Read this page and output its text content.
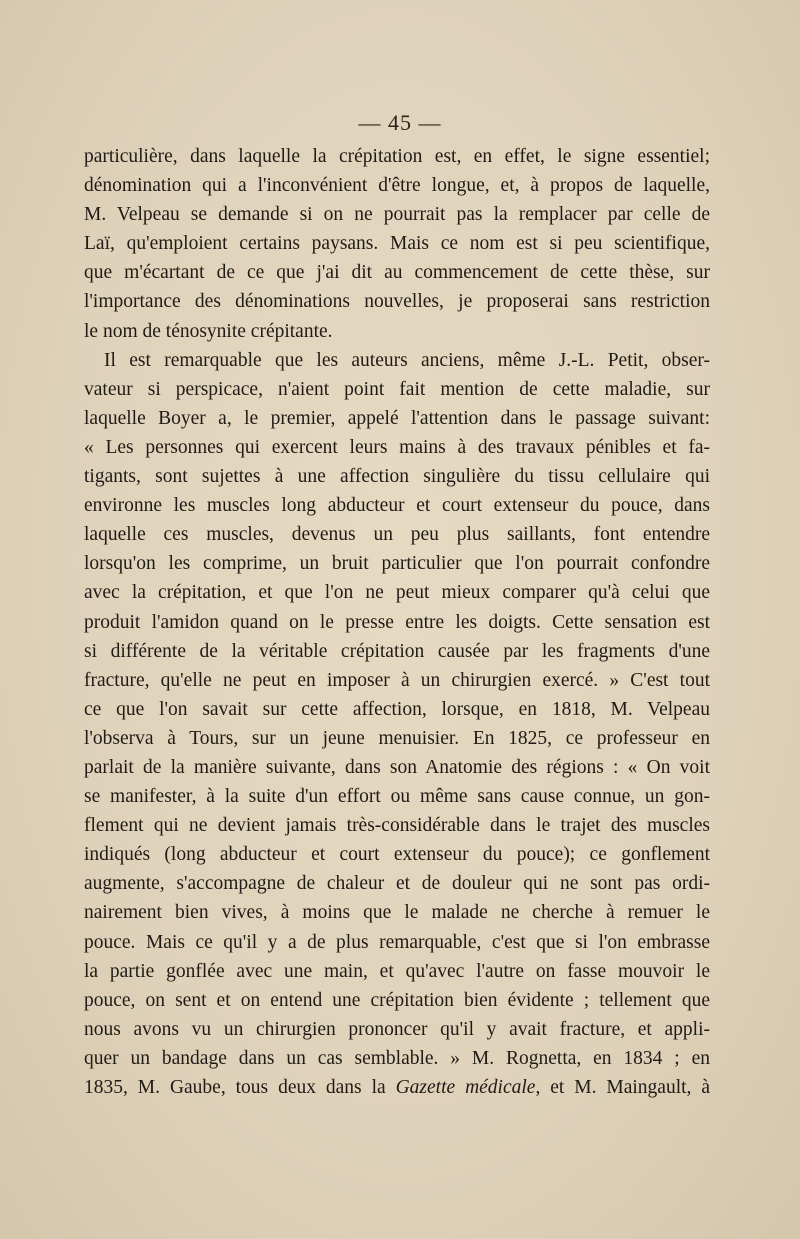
— 45 —
particulière, dans laquelle la crépitation est, en effet, le signe essentiel;
dénomination qui a l'inconvénient d'être longue, et, à propos de laquelle,
M. Velpeau se demande si on ne pourrait pas la remplacer par celle de
Laï, qu'emploient certains paysans. Mais ce nom est si peu scientifique,
que m'écartant de ce que j'ai dit au commencement de cette thèse, sur
l'importance des dénominations nouvelles, je proposerai sans restriction
le nom de ténosynite crépitante.
Il est remarquable que les auteurs anciens, même J.-L. Petit, obser-
vateur si perspicace, n'aient point fait mention de cette maladie, sur
laquelle Boyer a, le premier, appelé l'attention dans le passage suivant:
« Les personnes qui exercent leurs mains à des travaux pénibles et fa-
tigants, sont sujettes à une affection singulière du tissu cellulaire qui
environne les muscles long abducteur et court extenseur du pouce, dans
laquelle ces muscles, devenus un peu plus saillants, font entendre
lorsqu'on les comprime, un bruit particulier que l'on pourrait confondre
avec la crépitation, et que l'on ne peut mieux comparer qu'à celui que
produit l'amidon quand on le presse entre les doigts. Cette sensation est
si différente de la véritable crépitation causée par les fragments d'une
fracture, qu'elle ne peut en imposer à un chirurgien exercé. » C'est tout
ce que l'on savait sur cette affection, lorsque, en 1818, M. Velpeau
l'observa à Tours, sur un jeune menuisier. En 1825, ce professeur en
parlait de la manière suivante, dans son Anatomie des régions : « On voit
se manifester, à la suite d'un effort ou même sans cause connue, un gon-
flement qui ne devient jamais très-considérable dans le trajet des muscles
indiqués (long abducteur et court extenseur du pouce); ce gonflement
augmente, s'accompagne de chaleur et de douleur qui ne sont pas ordi-
nairement bien vives, à moins que le malade ne cherche à remuer le
pouce. Mais ce qu'il y a de plus remarquable, c'est que si l'on embrasse
la partie gonflée avec une main, et qu'avec l'autre on fasse mouvoir le
pouce, on sent et on entend une crépitation bien évidente ; tellement que
nous avons vu un chirurgien prononcer qu'il y avait fracture, et appli-
quer un bandage dans un cas semblable. » M. Rognetta, en 1834 ; en
1835, M. Gaube, tous deux dans la Gazette médicale, et M. Maingault, à
